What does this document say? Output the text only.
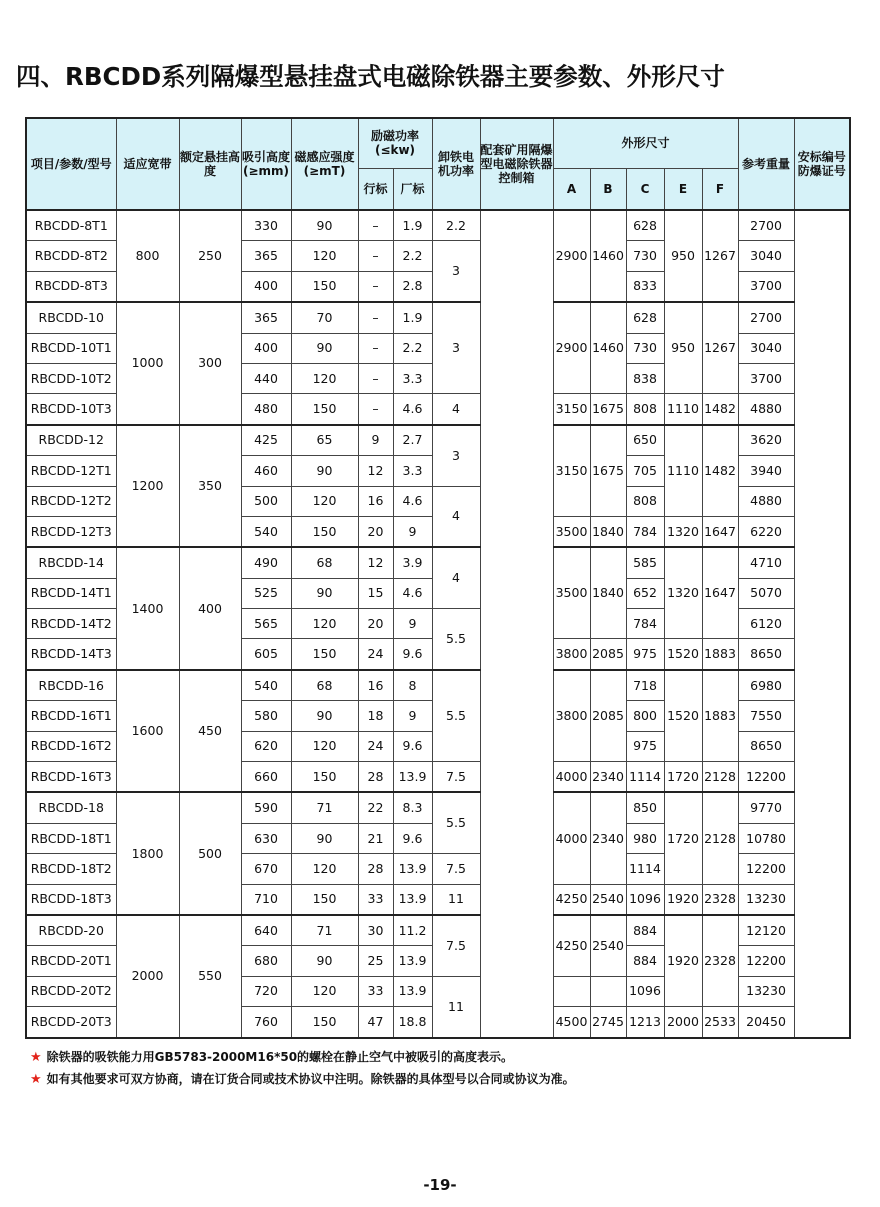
四、RBCDD系列隔爆型悬挂盘式电磁除铁器主要参数、外形尺寸
项目/参数/型号	适应宽带	额定悬挂高度	吸引高度(≥mm)	磁感应强度(≥mT)	励磁功率(≤kw)		卸铁电机功率	配套矿用隔爆型电磁除铁器控制箱	外形尺寸					参考重量	安标编号防爆证号
					行标	厂标			A	B	C	E	F		
RBCDD-8T1	800	250	330	90	–	1.9	2.2		2900	1460	628	950	1267	2700	
RBCDD-8T2			365	120	–	2.2	3				730			3040	
RBCDD-8T3			400	150	–	2.8					833			3700	
RBCDD-10	1000	300	365	70	–	1.9	3		2900	1460	628	950	1267	2700	
RBCDD-10T1			400	90	–	2.2					730			3040	
RBCDD-10T2			440	120	–	3.3					838			3700	
RBCDD-10T3			480	150	–	4.6	4		3150	1675	808	1110	1482	4880	
RBCDD-12	1200	350	425	65	9	2.7	3		3150	1675	650	1110	1482	3620	
RBCDD-12T1			460	90	12	3.3					705			3940	
RBCDD-12T2			500	120	16	4.6	4				808			4880	
RBCDD-12T3			540	150	20	9			3500	1840	784	1320	1647	6220	
RBCDD-14	1400	400	490	68	12	3.9	4		3500	1840	585	1320	1647	4710	
RBCDD-14T1			525	90	15	4.6					652			5070	
RBCDD-14T2			565	120	20	9	5.5				784			6120	
RBCDD-14T3			605	150	24	9.6			3800	2085	975	1520	1883	8650	
RBCDD-16	1600	450	540	68	16	8	5.5		3800	2085	718	1520	1883	6980	
RBCDD-16T1			580	90	18	9					800			7550	
RBCDD-16T2			620	120	24	9.6					975			8650	
RBCDD-16T3			660	150	28	13.9	7.5		4000	2340	1114	1720	2128	12200	
RBCDD-18	1800	500	590	71	22	8.3	5.5		4000	2340	850	1720	2128	9770	
RBCDD-18T1			630	90	21	9.6					980			10780	
RBCDD-18T2			670	120	28	13.9	7.5				1114			12200	
RBCDD-18T3			710	150	33	13.9	11		4250	2540	1096	1920	2328	13230	
RBCDD-20	2000	550	640	71	30	11.2	7.5		4250	2540	884	1920	2328	12120	
RBCDD-20T1			680	90	25	13.9					884			12200	
RBCDD-20T2			720	120	33	13.9	11				1096			13230	
RBCDD-20T3			760	150	47	18.8			4500	2745	1213	2000	2533	20450	
★ 除铁器的吸铁能力用GB5783-2000M16*50的螺栓在静止空气中被吸引的高度表示。
★ 如有其他要求可双方协商，请在订货合同或技术协议中注明。除铁器的具体型号以合同或协议为准。
-19-
